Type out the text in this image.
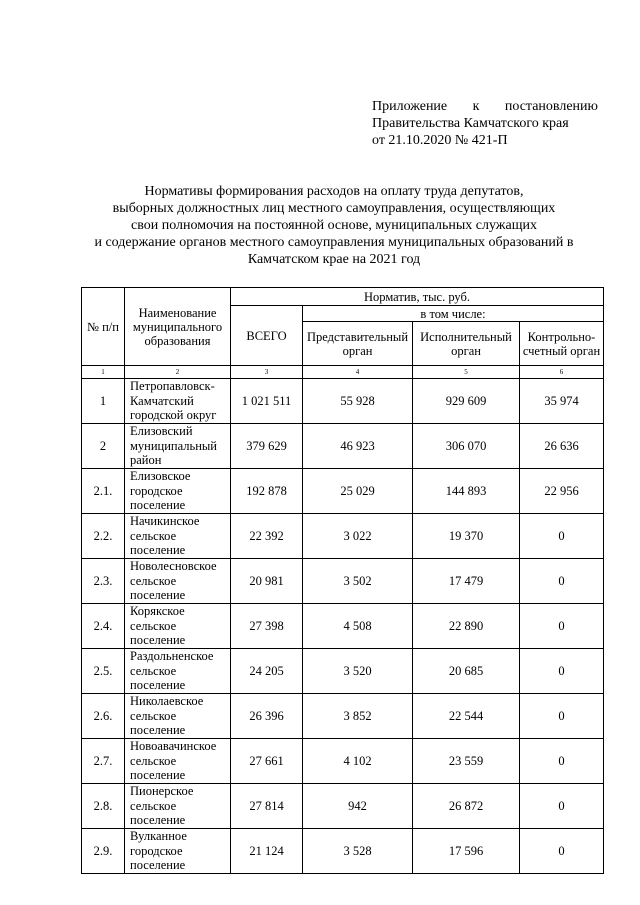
Приложение к постановлению
Правительства Камчатского края
от 21.10.2020 № 421-П
Нормативы формирования расходов на оплату труда депутатов,
выборных должностных лиц местного самоуправления, осуществляющих
свои полномочия на постоянной основе, муниципальных служащих
и содержание органов местного самоуправления муниципальных образований в
Камчатском крае на 2021 год
№ п/п	Наименование муниципального образования	Норматив, тыс. руб.			
		ВСЕГО	в том числе:		
			Представительный орган	Исполнительный орган	Контрольно-счетный орган
1	2	3	4	5	6
1	Петропавловск-Камчатский городской округ	1 021 511	55 928	929 609	35 974
2	Елизовский муниципальный район	379 629	46 923	306 070	26 636
2.1.	Елизовское городское поселение	192 878	25 029	144 893	22 956
2.2.	Начикинское сельское поселение	22 392	3 022	19 370	0
2.3.	Новолесновское сельское поселение	20 981	3 502	17 479	0
2.4.	Корякское сельское поселение	27 398	4 508	22 890	0
2.5.	Раздольненское сельское поселение	24 205	3 520	20 685	0
2.6.	Николаевское сельское поселение	26 396	3 852	22 544	0
2.7.	Новоавачинское сельское поселение	27 661	4 102	23 559	0
2.8.	Пионерское сельское поселение	27 814	942	26 872	0
2.9.	Вулканное городское поселение	21 124	3 528	17 596	0
